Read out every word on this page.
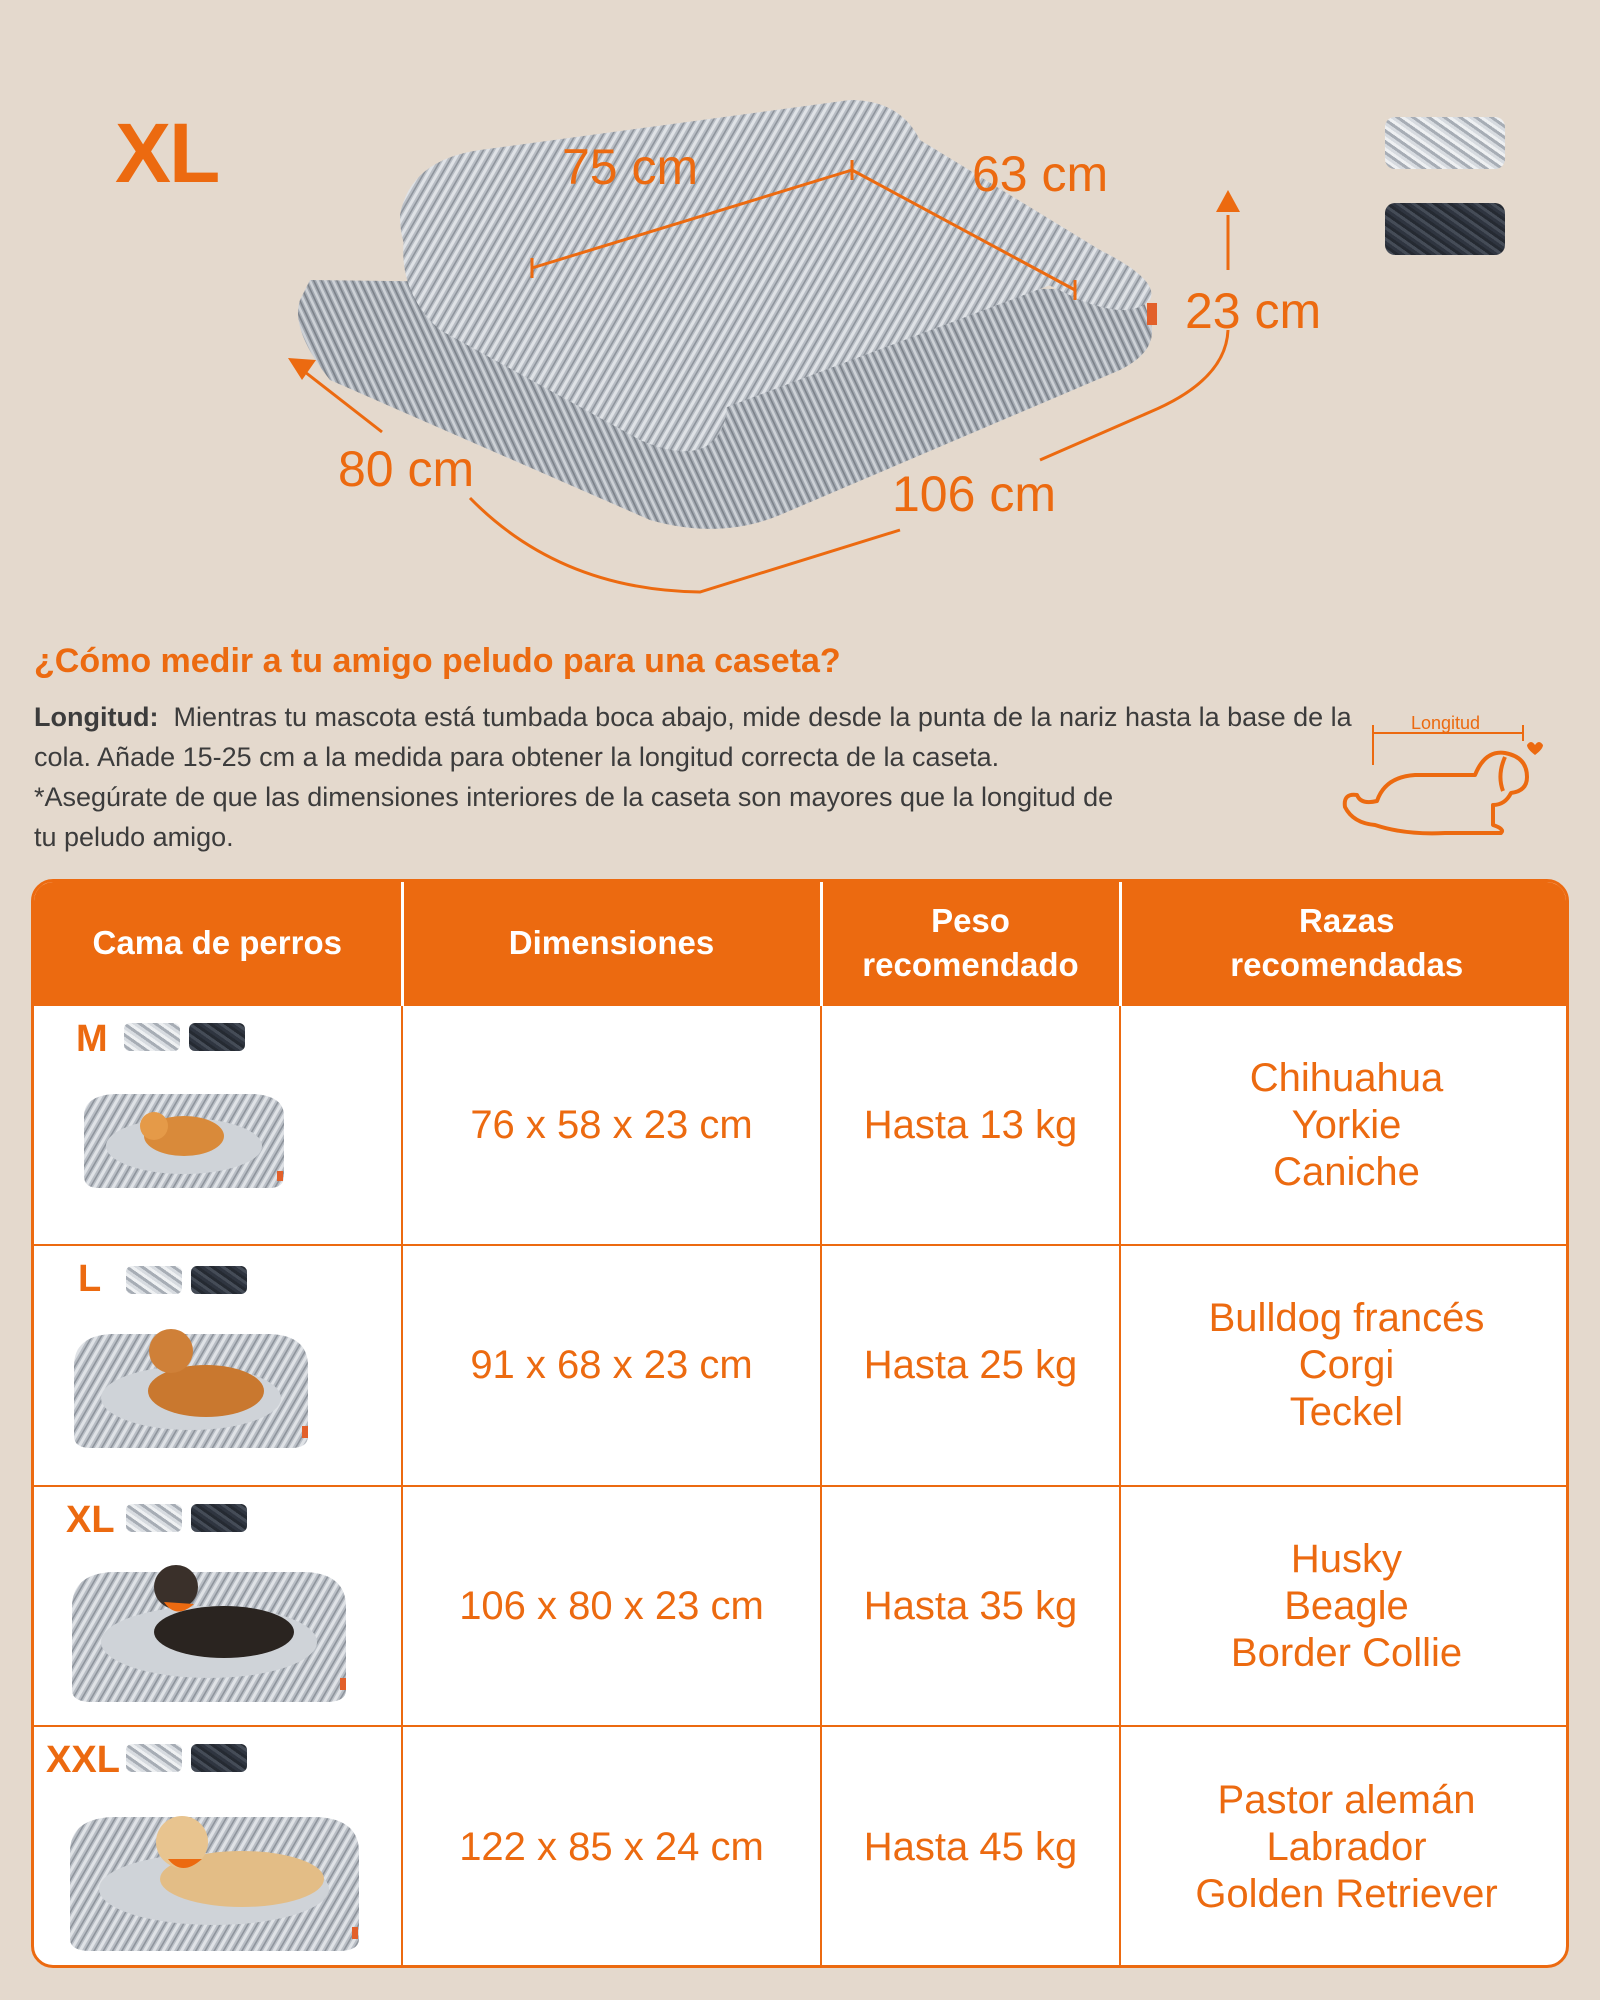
XL	75 cm	63 cm
23 cm
80 cm	106 cm
¿Cómo medir a tu amigo peludo para una caseta?

Longitud: Mientras tu mascota está tumbada boca abajo, mide desde la punta de la nariz hasta la base de la cola. Añade 15-25 cm a la medida para obtener la longitud correcta de la caseta.

*Asegúrate de que las dimensiones interiores de la caseta son mayores que la longitud de tu peludo amigo.

Longitud
Cama de perros	Dimensiones	Peso recomendado	Razas recomendadas

M	76 x 58 x 23 cm	Hasta 13 kg	Chihuahua
Yorkie
Caniche

L	91 x 68 x 23 cm	Hasta 25 kg	Bulldog francés
Corgi
Teckel

XL	106 x 80 x 23 cm	Hasta 35 kg	Husky
Beagle
Border Collie

XXL	122 x 85 x 24 cm	Hasta 45 kg	Pastor alemán
Labrador
Golden Retriever
